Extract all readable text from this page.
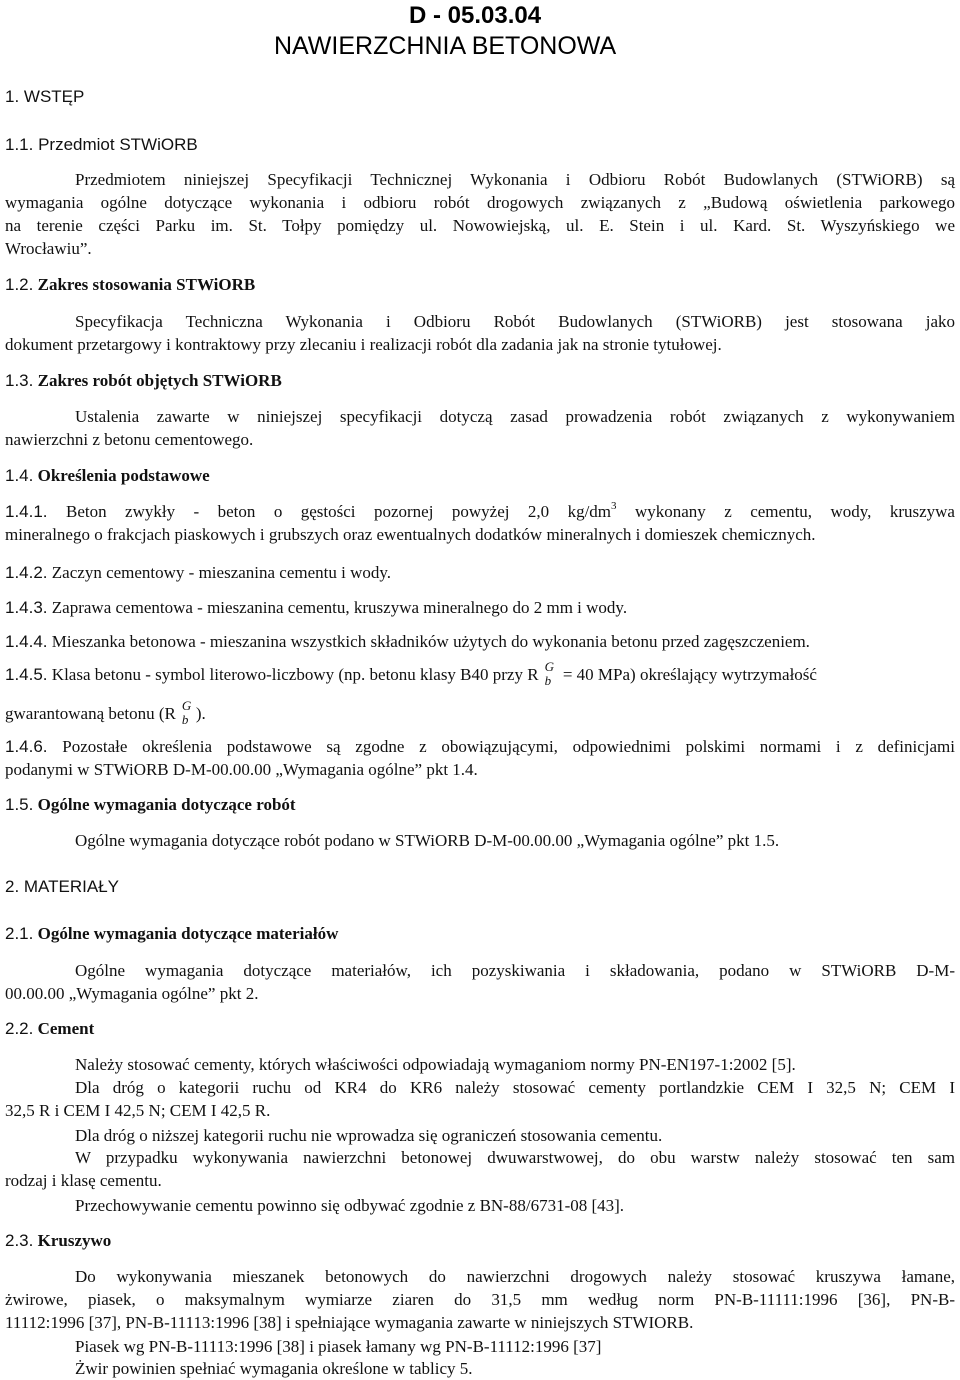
D - 05.03.04
NAWIERZCHNIA BETONOWA
1. WSTĘP
1.1. Przedmiot STWiORB
Przedmiotem niniejszej Specyfikacji Technicznej Wykonania i Odbioru Robót Budowlanych (STWiORB) są
wymagania ogólne dotyczące wykonania i odbioru robót drogowych związanych z „Budową oświetlenia parkowego
na terenie części Parku im. St. Tołpy pomiędzy ul. Nowowiejską, ul. E. Stein i ul. Kard. St. Wyszyńskiego we
Wrocławiu”.
1.2. Zakres stosowania STWiORB
Specyfikacja Techniczna Wykonania i Odbioru Robót Budowlanych (STWiORB) jest stosowana jako
dokument przetargowy i kontraktowy przy zlecaniu i realizacji robót dla zadania jak na stronie tytułowej.
1.3. Zakres robót objętych STWiORB
Ustalenia zawarte w niniejszej specyfikacji dotyczą zasad prowadzenia robót związanych z wykonywaniem
nawierzchni z betonu cementowego.
1.4. Określenia podstawowe
1.4.1. Beton zwykły - beton o gęstości pozornej powyżej 2,0 $kg/dm^3$ wykonany z cementu, wody, kruszywa
mineralnego o frakcjach piaskowych i grubszych oraz ewentualnych dodatków mineralnych i domieszek chemicznych.
1.4.2. Zaczyn cementowy - mieszanina cementu i wody.
1.4.3. Zaprawa cementowa - mieszanina cementu, kruszywa mineralnego do 2 mm i wody.
1.4.4. Mieszanka betonowa - mieszanina wszystkich składników użytych do wykonania betonu przed zagęszczeniem.
1.4.5. Klasa betonu - symbol literowo-liczbowy (np. betonu klasy B40 przy R G
b = 40 MPa) określający wytrzymałość
gwarantowaną betonu (R G
b ).
1.4.6. Pozostałe określenia podstawowe są zgodne z obowiązującymi, odpowiednimi polskimi normami i z definicjami
podanymi w STWiORB D-M-00.00.00 „Wymagania ogólne” pkt 1.4.
1.5. Ogólne wymagania dotyczące robót
Ogólne wymagania dotyczące robót podano w STWiORB D-M-00.00.00 „Wymagania ogólne” pkt 1.5.
2. MATERIAŁY
2.1. Ogólne wymagania dotyczące materiałów
Ogólne wymagania dotyczące materiałów, ich pozyskiwania i składowania, podano w STWiORB D-M-
00.00.00 „Wymagania ogólne” pkt 2.
2.2. Cement
Należy stosować cementy, których właściwości odpowiadają wymaganiom normy PN-EN197-1:2002 [5].
Dla dróg o kategorii ruchu od KR4 do KR6 należy stosować cementy portlandzkie CEM I 32,5 N; CEM I
32,5 R i CEM I 42,5 N; CEM I 42,5 R.
Dla dróg o niższej kategorii ruchu nie wprowadza się ograniczeń stosowania cementu.
W przypadku wykonywania nawierzchni betonowej dwuwarstwowej, do obu warstw należy stosować ten sam
rodzaj i klasę cementu.
Przechowywanie cementu powinno się odbywać zgodnie z BN-88/6731-08 [43].
2.3. Kruszywo
Do wykonywania mieszanek betonowych do nawierzchni drogowych należy stosować kruszywa łamane,
żwirowe, piasek, o maksymalnym wymiarze ziaren do 31,5 mm według norm PN-B-11111:1996 [36], PN-B-
11112:1996 [37], PN-B-11113:1996 [38] i spełniające wymagania zawarte w niniejszych STWIORB.
Piasek wg PN-B-11113:1996 [38] i piasek łamany wg PN-B-11112:1996 [37]
Żwir powinien spełniać wymagania określone w tablicy 5.
